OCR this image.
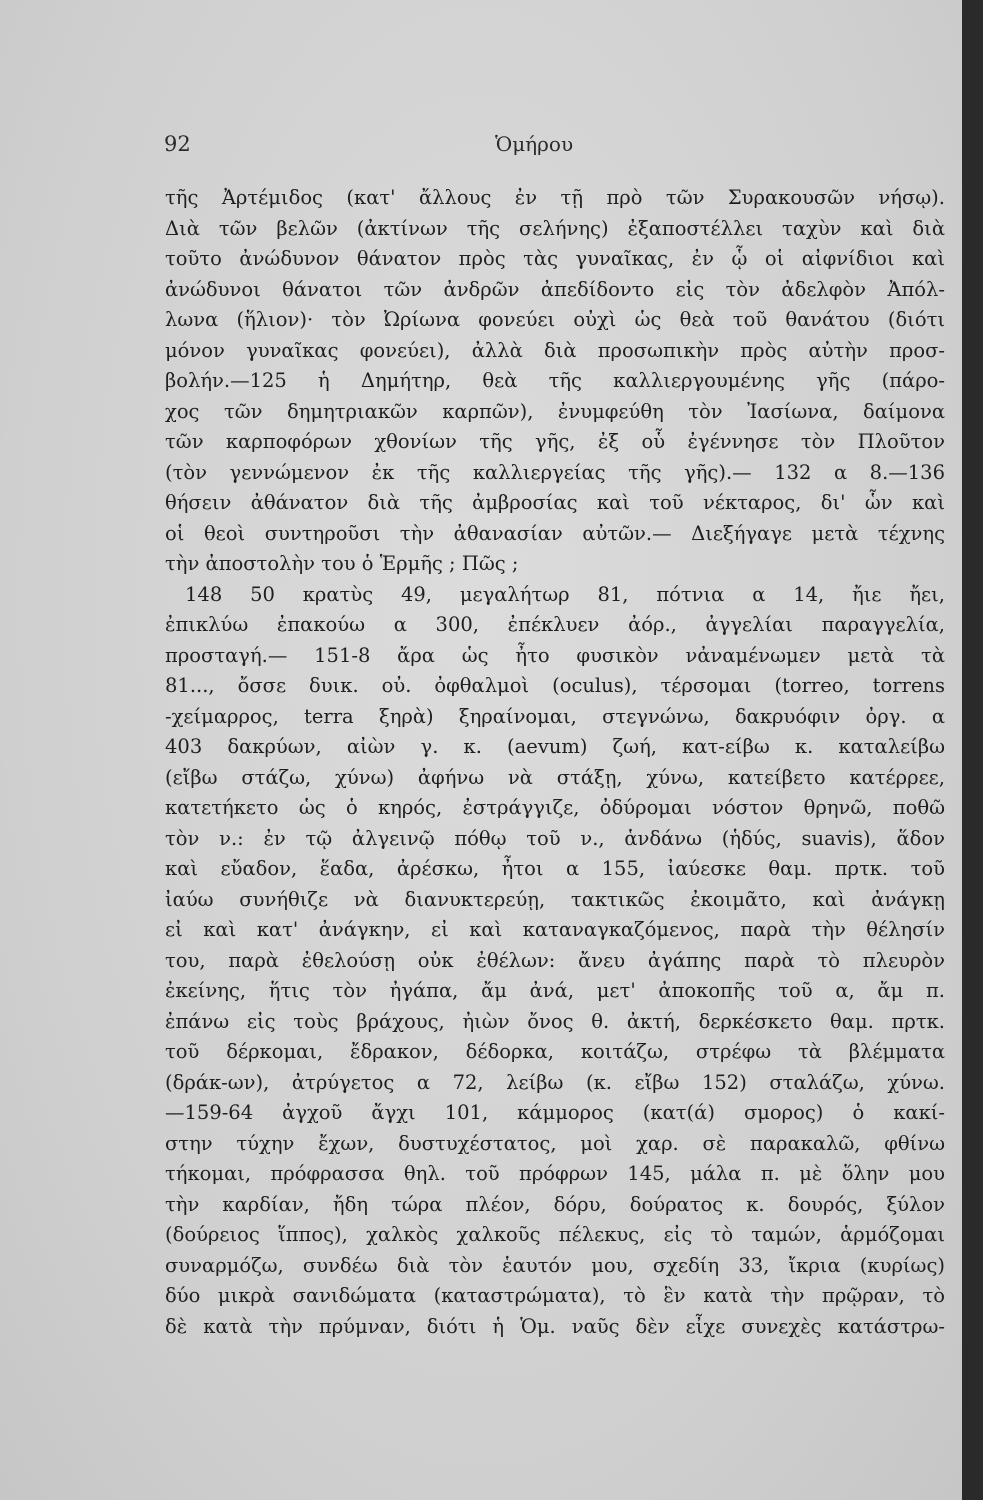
92	Ὁμήρου
τῆς Ἀρτέμιδος (κατ' ἄλλους ἐν τῇ πρὸ τῶν Συρακουσῶν νήσῳ).
Διὰ τῶν βελῶν (ἀκτίνων τῆς σελήνης) ἐξαποστέλλει ταχὺν καὶ διὰ
τοῦτο ἀνώδυνον θάνατον πρὸς τὰς γυναῖκας, ἐν ᾧ οἱ αἰφνίδιοι καὶ
ἀνώδυνοι θάνατοι τῶν ἀνδρῶν ἀπεδίδοντο εἰς τὸν ἀδελφὸν Ἀπόλ-
λωνα (ἥλιον)· τὸν Ὠρίωνα φονεύει οὐχὶ ὡς θεὰ τοῦ θανάτου (διότι
μόνον γυναῖκας φονεύει), ἀλλὰ διὰ προσωπικὴν πρὸς αὐτὴν προσ-
βολήν.—125 ἡ Δημήτηρ, θεὰ τῆς καλλιεργουμένης γῆς (πάρο-
χος τῶν δημητριακῶν καρπῶν), ἐνυμφεύθη τὸν Ἰασίωνα, δαίμονα
τῶν καρποφόρων χθονίων τῆς γῆς, ἐξ οὗ ἐγέννησε τὸν Πλοῦτον
(τὸν γεννώμενον ἐκ τῆς καλλιεργείας τῆς γῆς).— 132 α 8.—136
θήσειν ἀθάνατον διὰ τῆς ἀμβροσίας καὶ τοῦ νέκταρος, δι' ὧν καὶ
οἱ θεοὶ συντηροῦσι τὴν ἀθανασίαν αὐτῶν.— Διεξήγαγε μετὰ τέχνης
τὴν ἀποστολὴν του ὁ Ἑρμῆς ; Πῶς ;
148 50 κρατὺς 49, μεγαλήτωρ 81, πότνια α 14, ἤιε ἤει,
ἐπικλύω ἐπακούω α 300, ἐπέκλυεν ἀόρ., ἀγγελίαι παραγγελία,
προσταγή.— 151-8 ἄρα ὡς ἦτο φυσικὸν νἀναμένωμεν μετὰ τὰ
81..., ὄσσε δυικ. οὐ. ὀφθαλμοὶ (oculus), τέρσομαι (torreo, torrens
-χείμαρρος, terra ξηρὰ) ξηραίνομαι, στεγνώνω, δακρυόφιν ὀργ. α
403 δακρύων, αἰὼν γ. κ. (aevum) ζωή, κατ-είβω κ. καταλείβω
(εἴβω στάζω, χύνω) ἀφήνω νὰ στάξῃ, χύνω, κατείβετο κατέρρεε,
κατετήκετο ὡς ὁ κηρός, ἐστράγγιζε, ὀδύρομαι νόστον θρηνῶ, ποθῶ
τὸν ν.: ἐν τῷ ἀλγεινῷ πόθῳ τοῦ ν., ἁνδάνω (ἡδύς, suavis), ἅδον
καὶ εὔαδον, ἕαδα, ἀρέσκω, ἦτοι α 155, ἰαύεσκε θαμ. πρτκ. τοῦ
ἰαύω συνήθιζε νὰ διανυκτερεύῃ, τακτικῶς ἐκοιμᾶτο, καὶ ἀνάγκῃ
εἰ καὶ κατ' ἀνάγκην, εἰ καὶ καταναγκαζόμενος, παρὰ τὴν θέλησίν
του, παρὰ ἐθελούσῃ οὐκ ἐθέλων: ἄνευ ἀγάπης παρὰ τὸ πλευρὸν
ἐκείνης, ἥτις τὸν ἠγάπα, ἄμ ἀνά, μετ' ἀποκοπῆς τοῦ α, ἄμ π.
ἐπάνω εἰς τοὺς βράχους, ἠιὼν ὄνος θ. ἀκτή, δερκέσκετο θαμ. πρτκ.
τοῦ δέρκομαι, ἔδρακον, δέδορκα, κοιτάζω, στρέφω τὰ βλέμματα
(δράκ-ων), ἀτρύγετος α 72, λείβω (κ. εἴβω 152) σταλάζω, χύνω.
—159-64 ἀγχοῦ ἄγχι 101, κάμμορος (κατ(ά) σμορος) ὁ κακί-
στην τύχην ἔχων, δυστυχέστατος, μοὶ χαρ. σὲ παρακαλῶ, φθίνω
τήκομαι, πρόφρασσα θηλ. τοῦ πρόφρων 145, μάλα π. μὲ ὅλην μου
τὴν καρδίαν, ἤδη τώρα πλέον, δόρυ, δούρατος κ. δουρός, ξύλον
(δούρειος ἵππος), χαλκὸς χαλκοῦς πέλεκυς, εἰς τὸ ταμών, ἁρμόζομαι
συναρμόζω, συνδέω διὰ τὸν ἑαυτόν μου, σχεδίη 33, ἴκρια (κυρίως)
δύο μικρὰ σανιδώματα (καταστρώματα), τὸ ἓν κατὰ τὴν πρῷραν, τὸ
δὲ κατὰ τὴν πρύμναν, διότι ἡ Ὁμ. ναῦς δὲν εἶχε συνεχὲς κατάστρω-
